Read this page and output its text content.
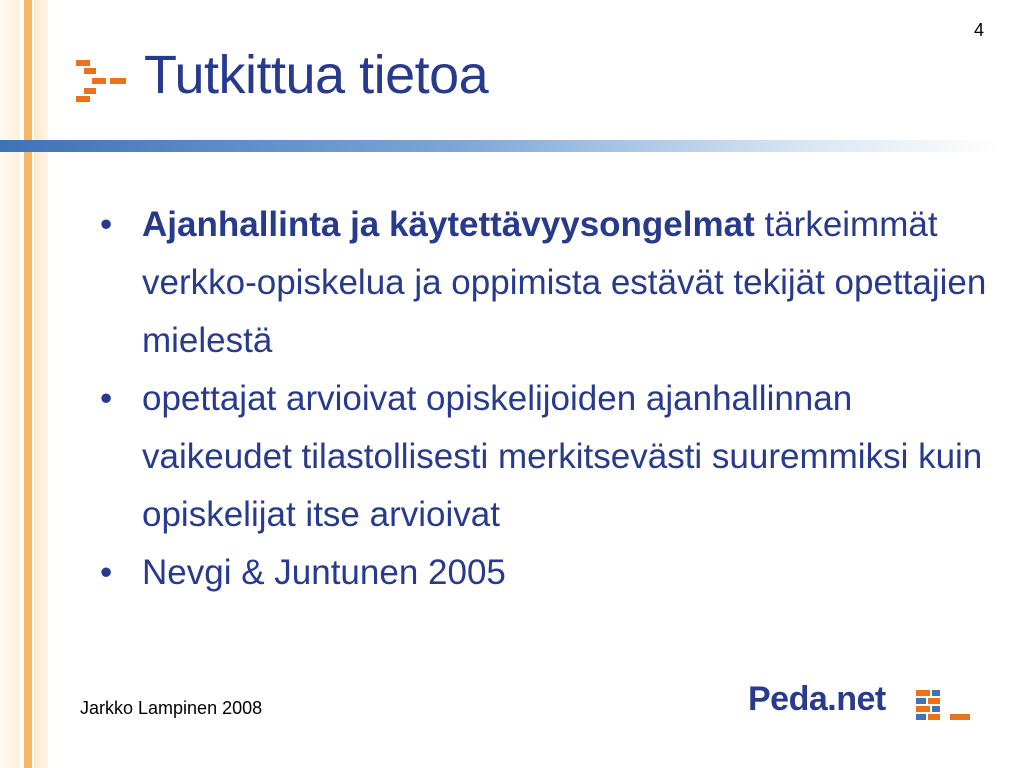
4
Tutkittua tietoa
• Ajanhallinta ja käytettävyysongelmat tärkeimmät verkko-opiskelua ja oppimista estävät tekijät opettajien mielestä
• opettajat arvioivat opiskelijoiden ajanhallinnan vaikeudet tilastollisesti merkitsevästi suuremmiksi kuin opiskelijat itse arvioivat
• Nevgi & Juntunen 2005
Jarkko Lampinen 2008	Peda.net
